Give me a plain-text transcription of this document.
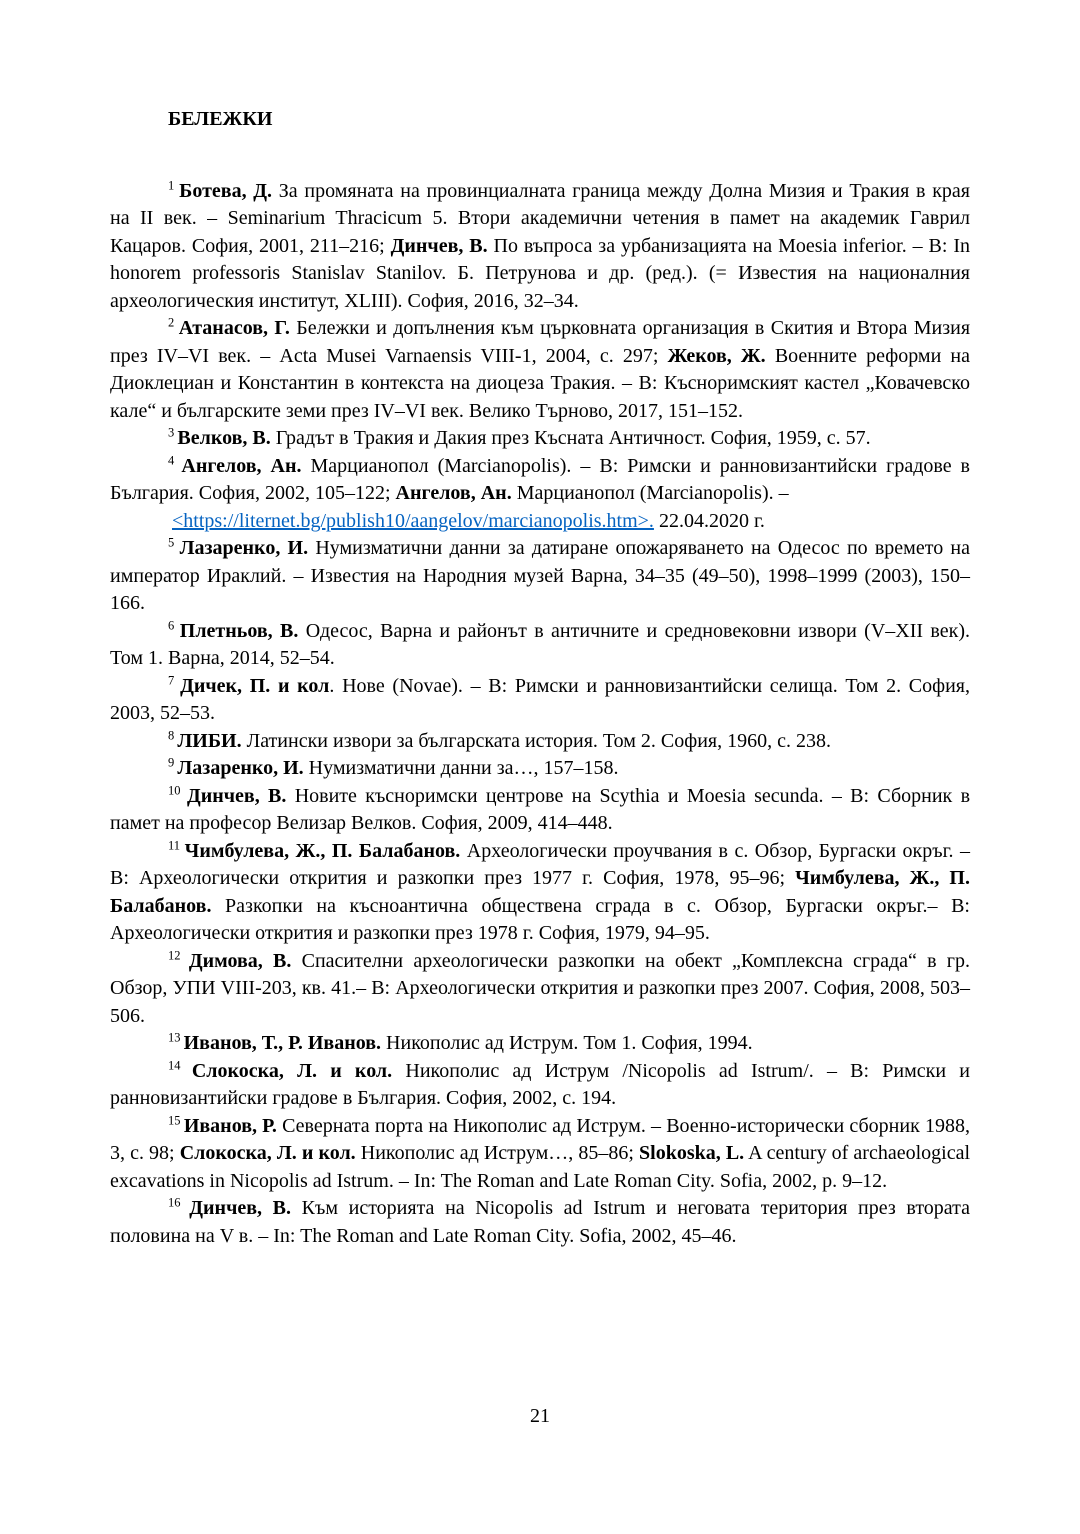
БЕЛЕЖКИ

$^1$ Ботева, Д. За промяната на провинциалната граница между Долна Мизия и Тракия в края на II век. – Seminarium Thracicum 5. Втори академични четения в памет на академик Гаврил Кацаров. София, 2001, 211–216; Динчев, В. По въпроса за урбанизацията на Moesia inferior. – В: In honorem professoris Stanislav Stanilov. Б. Петрунова и др. (ред.). (= Известия на националния археологическия институт, XLIII). София, 2016, 32–34.

$^2$ Атанасов, Г. Бележки и допълнения към църковната организация в Скития и Втора Мизия през IV–VI век. – Acta Musei Varnaensis VIII-1, 2004, с. 297; Жеков, Ж. Военните реформи на Диоклециан и Константин в контекста на диоцеза Тракия. – В: Късноримският кастел „Ковачевско кале“ и българските земи през IV–VI век. Велико Търново, 2017, 151–152.

$^3$ Велков, В. Градът в Тракия и Дакия през Късната Античност. София, 1959, с. 57.

$^4$ Ангелов, Ан. Марцианопол (Marcianopolis). – В: Римски и ранновизантийски градове в България. София, 2002, 105–122; Ангелов, Ан. Марцианопол (Marcianopolis). –
<https://liternet.bg/publish10/aangelov/marcianopolis.htm>. 22.04.2020 г.

$^5$ Лазаренко, И. Нумизматични данни за датиране опожаряването на Одесос по времето на император Ираклий. – Известия на Народния музей Варна, 34–35 (49–50), 1998–1999 (2003), 150–166.

$^6$ Плетньов, В. Одесос, Варна и районът в античните и средновековни извори (V–XII век). Том 1. Варна, 2014, 52–54.

$^7$ Дичек, П. и кол. Нове (Novae). – В: Римски и ранновизантийски селища. Том 2. София, 2003, 52–53.

$^8$ ЛИБИ. Латински извори за българската история. Том 2. София, 1960, с. 238.

$^9$ Лазаренко, И. Нумизматични данни за…, 157–158.

$^{10}$ Динчев, В. Новите късноримски центрове на Scythia и Moesia secunda. – В: Сборник в памет на професор Велизар Велков. София, 2009, 414–448.

$^{11}$ Чимбулева, Ж., П. Балабанов. Археологически проучвания в с. Обзор, Бургаски окръг. – В: Археологически открития и разкопки през 1977 г. София, 1978, 95–96; Чимбулева, Ж., П. Балабанов. Разкопки на късноантична обществена сграда в с. Обзор, Бургаски окръг.– В: Археологически открития и разкопки през 1978 г. София, 1979, 94–95.

$^{12}$ Димова, В. Спасителни археологически разкопки на обект „Комплексна сграда“ в гр. Обзор, УПИ VIII-203, кв. 41.– В: Археологически открития и разкопки през 2007. София, 2008, 503–506.

$^{13}$ Иванов, Т., Р. Иванов. Никополис ад Иструм. Том 1. София, 1994.

$^{14}$ Слокоска, Л. и кол. Никополис ад Иструм /Nicopolis ad Istrum/. – В: Римски и ранновизантийски градове в България. София, 2002, с. 194.

$^{15}$ Иванов, Р. Северната порта на Никополис ад Иструм. – Военно-исторически сборник 1988, 3, с. 98; Слокоска, Л. и кол. Никополис ад Иструм…, 85–86; Slokoska, L. A century of archaeological excavations in Nicopolis ad Istrum. – In: The Roman and Late Roman City. Sofia, 2002, p. 9–12.

$^{16}$ Динчев, В. Към историята на Nicopolis ad Istrum и неговата територия през втората половина на V в. – In: The Roman and Late Roman City. Sofia, 2002, 45–46.

21
